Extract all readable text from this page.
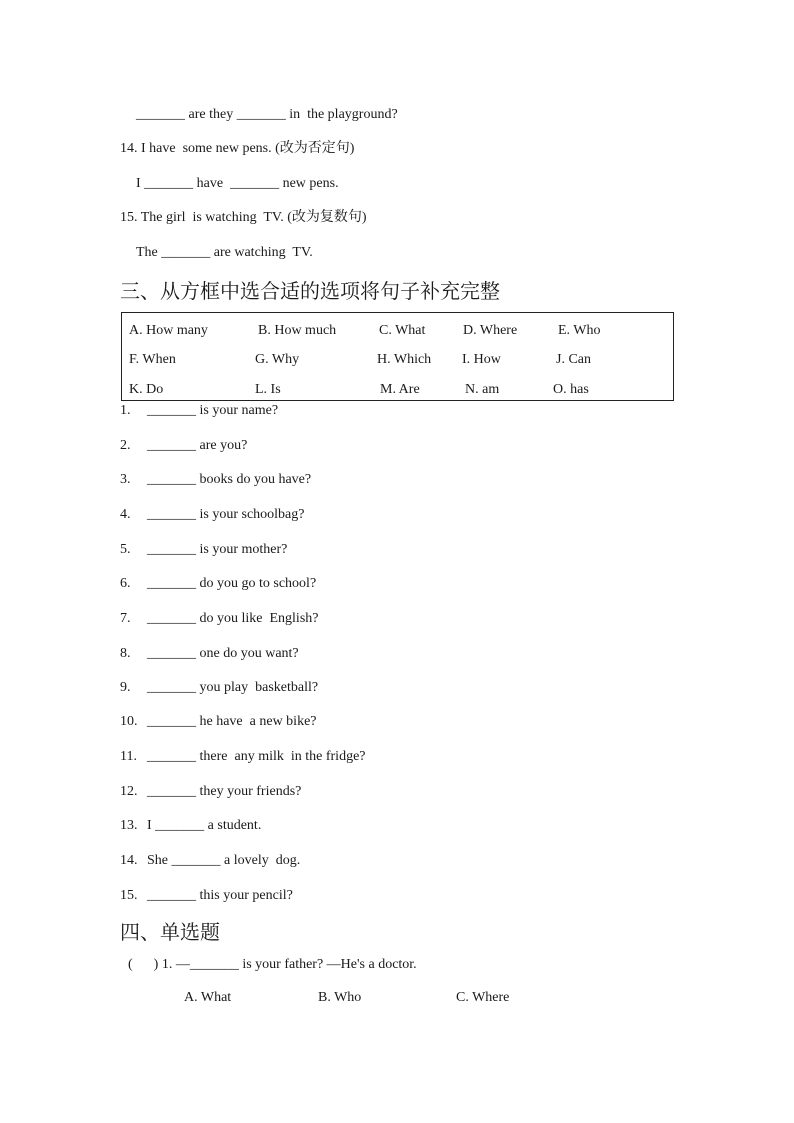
_______ are they _______ in  the playground?
14. I have  some new pens. (改为否定句)
I _______ have  _______ new pens.
15. The girl  is watching  TV. (改为复数句)
The _______ are watching  TV.
三、从方框中选合适的选项将句子补充完整
A. How many	B. How much	C. What	D. Where	E. Who
F. When	G. Why	H. Which I. How	J. Can
K. Do	L. Is	M. Are	N. am	O. has
1. _______ is your name?
2. _______ are you?
3. _______ books do you have?
4. _______ is your schoolbag?
5. _______ is your mother?
6. _______ do you go to school?
7. _______ do you like  English?
8. _______ one do you want?
9. _______ you play  basketball?
10. _______ he have  a new bike?
11. _______ there  any milk  in the fridge?
12. _______ they your friends?
13. I _______ a student.
14. She _______ a lovely  dog.
15. _______ this your pencil?
四、单选题
(      ) 1. —_______ is your father? —He's a doctor.
A. What	B. Who	C. Where
